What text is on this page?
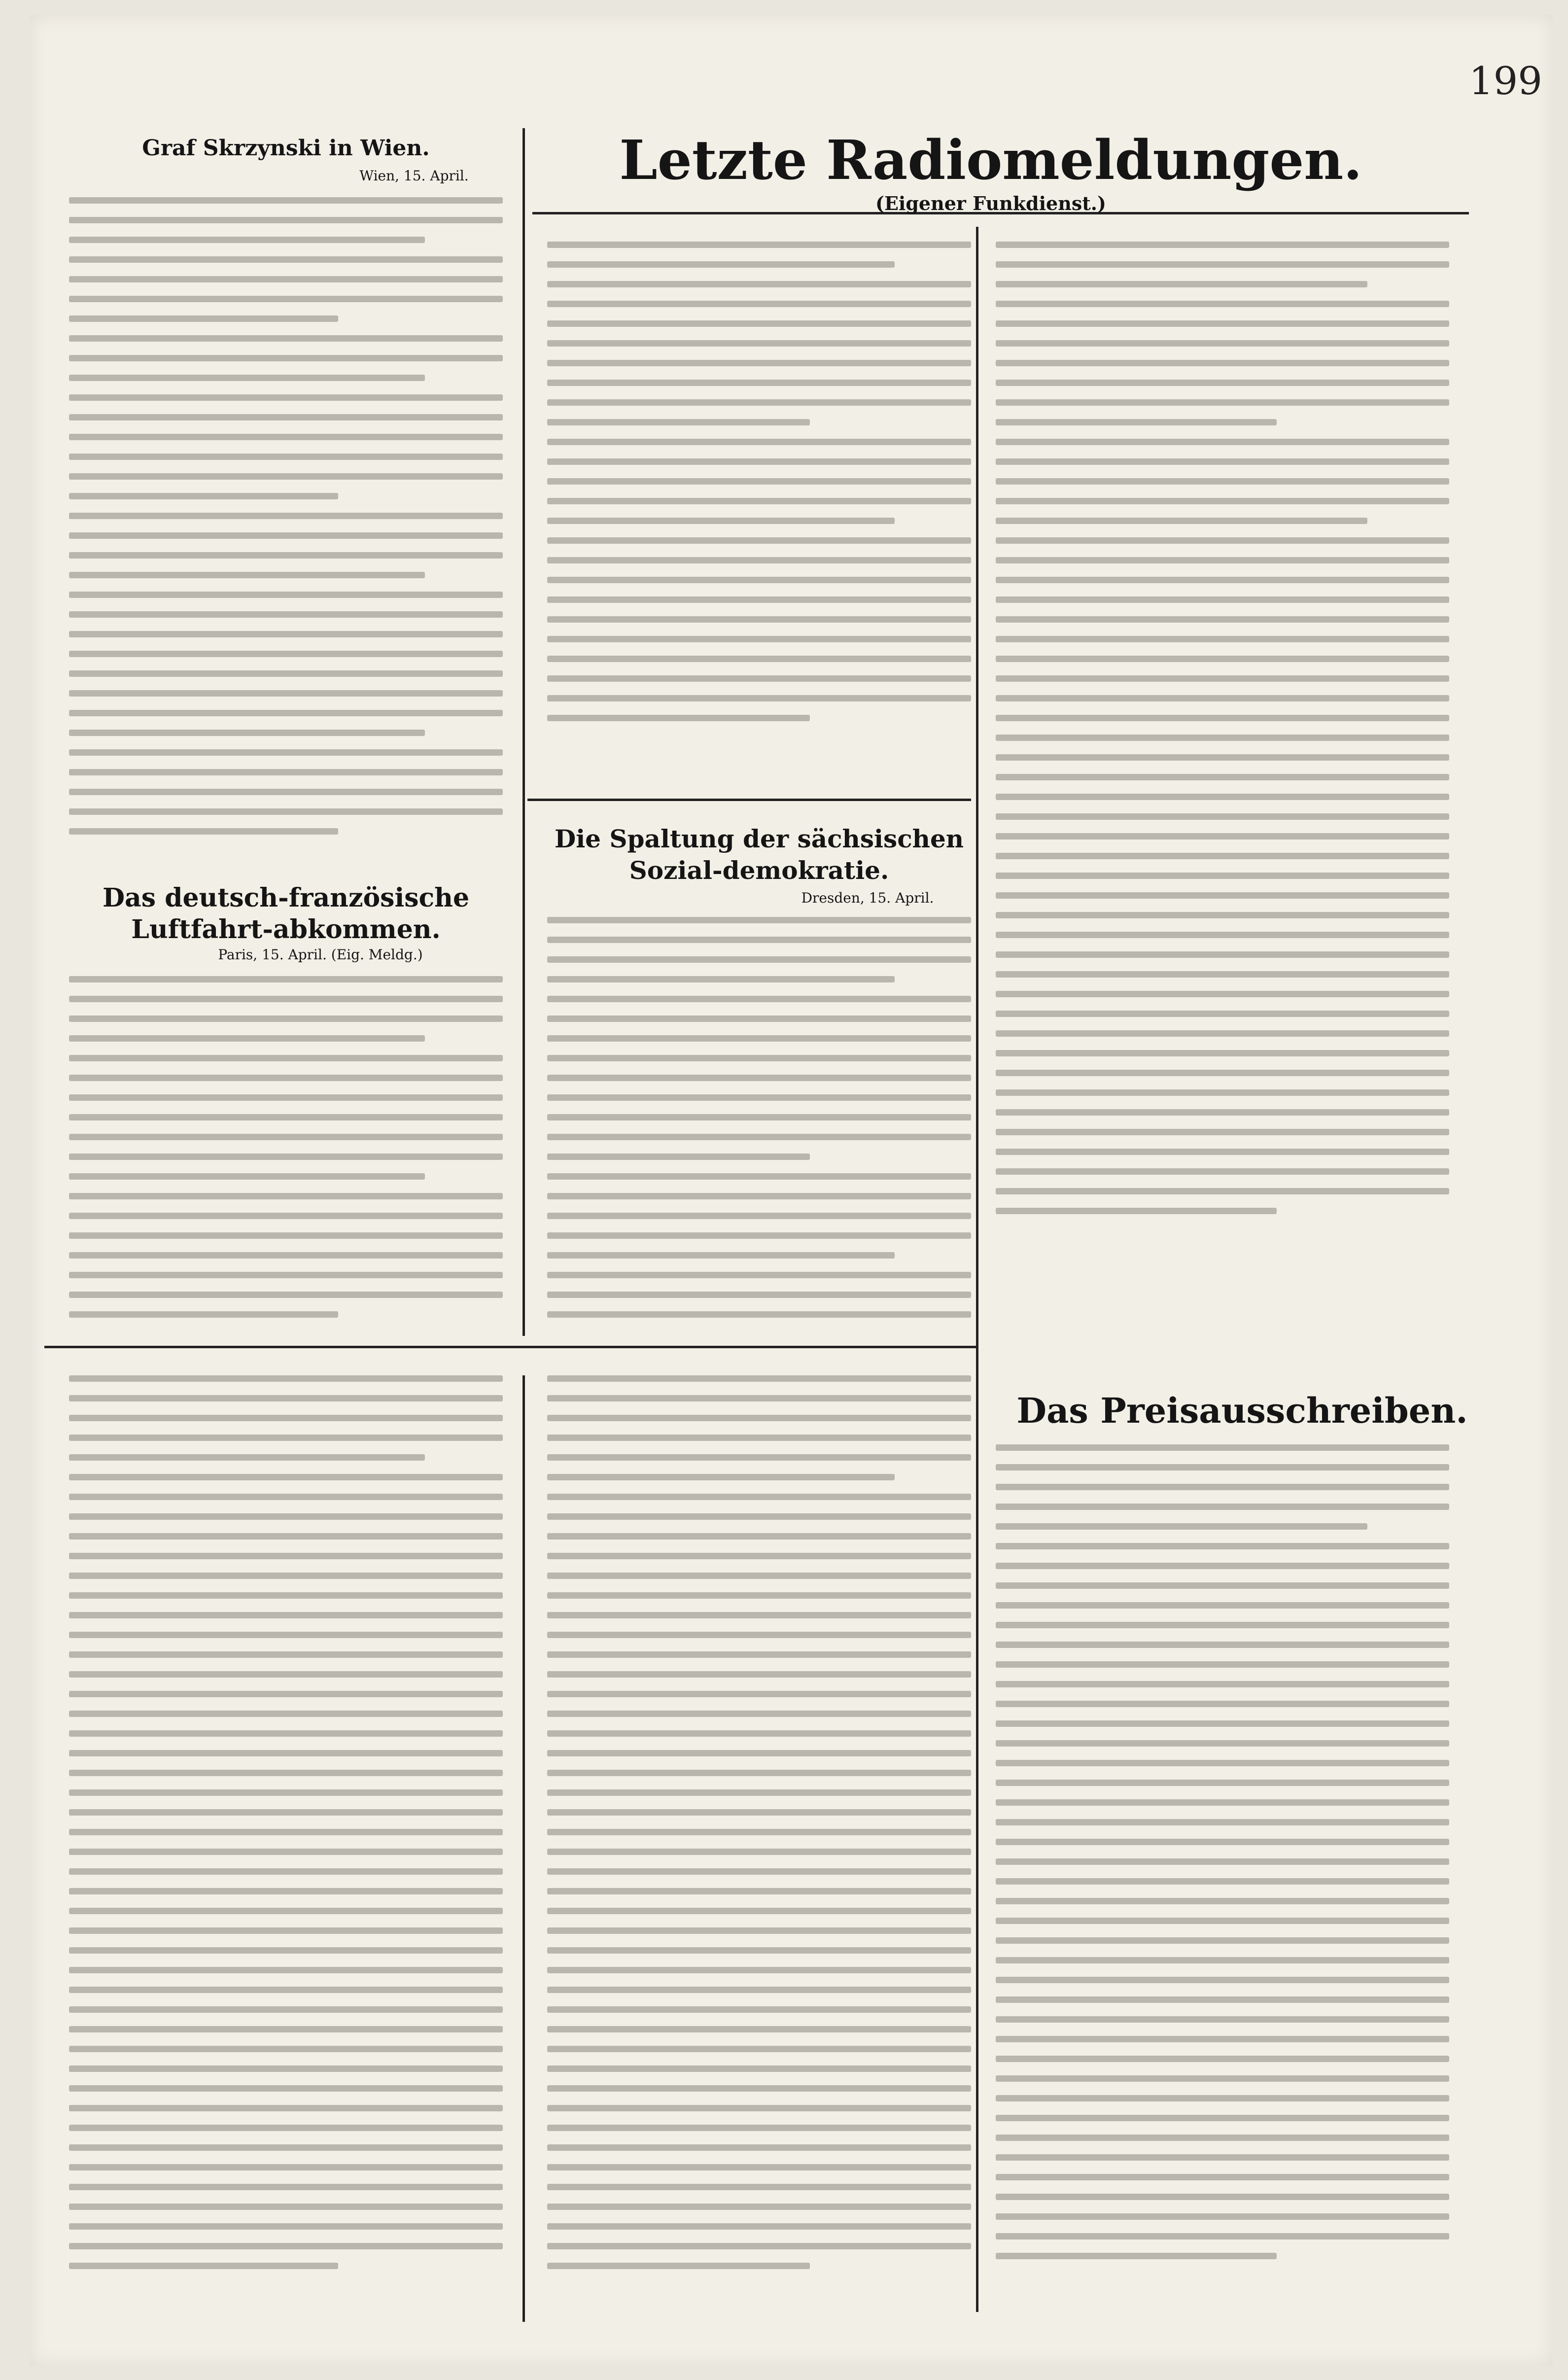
199
Graf Skrzynski in Wien.
Wien, 15. April.	Letzte Radiomeldungen.
(Eigener Funkdienst.)
Das deutsch-französische Luftfahrt-abkommen.
Paris, 15. April. (Eig. Meldg.)
Die Spaltung der sächsischen Sozial-demokratie.
Dresden, 15. April.
Das Preisausschreiben.
